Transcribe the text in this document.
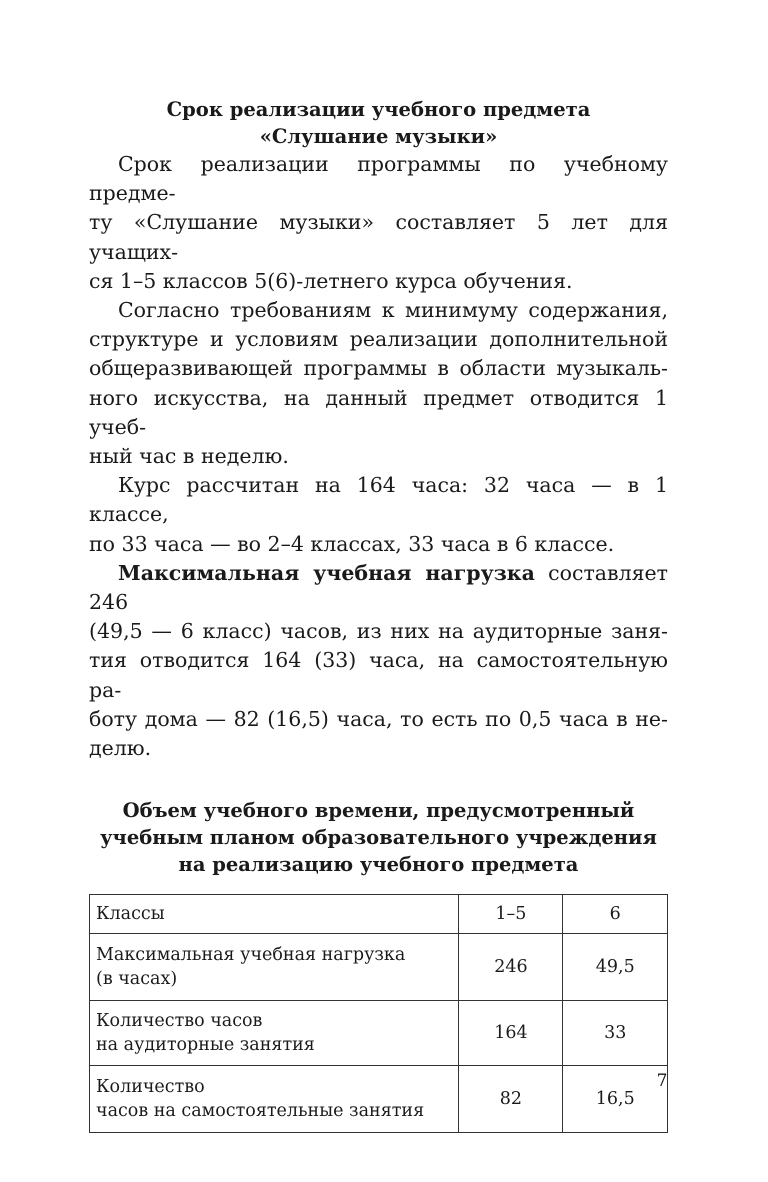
Срок реализации учебного предмета
«Слушание музыки»
Срок реализации программы по учебному предме-
ту «Слушание музыки» составляет 5 лет для учащих-
ся 1–5 классов 5(6)-летнего курса обучения.
Согласно требованиям к минимуму содержания,
структуре и условиям реализации дополнительной
общеразвивающей программы в области музыкаль-
ного искусства, на данный предмет отводится 1 учеб-
ный час в неделю.
Курс рассчитан на 164 часа: 32 часа — в 1 классе,
по 33 часа — во 2–4 классах, 33 часа в 6 классе.
Максимальная учебная нагрузка составляет 246
(49,5 — 6 класс) часов, из них на аудиторные заня-
тия отводится 164 (33) часа, на самостоятельную ра-
боту дома — 82 (16,5) часа, то есть по 0,5 часа в не-
делю.
Объем учебного времени, предусмотренный
учебным планом образовательного учреждения
на реализацию учебного предмета
Классы	1–5	6

Максимальная учебная нагрузка
(в часах)	246	49,5

Количество часов
на аудиторные занятия	164	33

Количество
часов на самостоятельные занятия	82	16,5
7
